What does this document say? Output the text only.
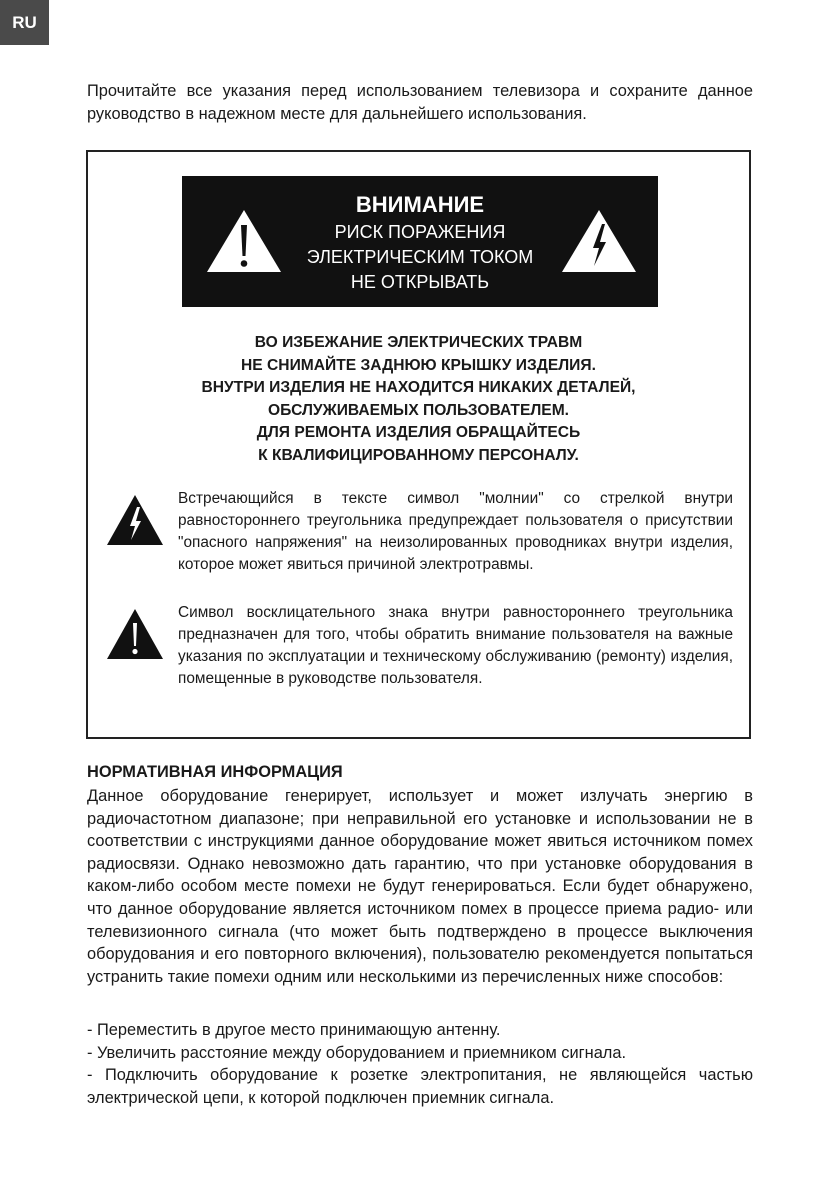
RU

Прочитайте все указания перед использованием телевизора и сохраните данное руководство в надежном месте для дальнейшего использования.

ВНИМАНИЕ
РИСК ПОРАЖЕНИЯ
ЭЛЕКТРИЧЕСКИМ ТОКОМ
НЕ ОТКРЫВАТЬ
ВО ИЗБЕЖАНИЕ ЭЛЕКТРИЧЕСКИХ ТРАВМ
НЕ СНИМАЙТЕ ЗАДНЮЮ КРЫШКУ ИЗДЕЛИЯ.
ВНУТРИ ИЗДЕЛИЯ НЕ НАХОДИТСЯ НИКАКИХ ДЕТАЛЕЙ,
ОБСЛУЖИВАЕМЫХ ПОЛЬЗОВАТЕЛЕМ.
ДЛЯ РЕМОНТА ИЗДЕЛИЯ ОБРАЩАЙТЕСЬ
К КВАЛИФИЦИРОВАННОМУ ПЕРСОНАЛУ.

Встречающийся в тексте символ "молнии" со стрелкой внутри равностороннего треугольника предупреждает пользователя о присутствии "опасного напряжения" на неизолированных проводниках внутри изделия, которое может явиться причиной электротравмы.

Символ восклицательного знака внутри равностороннего треугольника предназначен для того, чтобы обратить внимание пользователя на важные указания по эксплуатации и техническому обслуживанию (ремонту) изделия, помещенные в руководстве пользователя.

НОРМАТИВНАЯ ИНФОРМАЦИЯ

Данное оборудование генерирует, использует и может излучать энергию в радиочастотном диапазоне; при неправильной его установке и использовании не в соответствии с инструкциями данное оборудование может явиться источником помех радиосвязи. Однако невозможно дать гарантию, что при установке оборудования в каком-либо особом месте помехи не будут генерироваться. Если будет обнаружено, что данное оборудование является источником помех в процессе приема радио- или телевизионного сигнала (что может быть подтверждено в процессе выключения оборудования и его повторного включения), пользователю рекомендуется попытаться устранить такие помехи одним или несколькими из перечисленных ниже способов:

- Переместить в другое место принимающую антенну.
- Увеличить расстояние между оборудованием и приемником сигнала.
- Подключить оборудование к розетке электропитания, не являющейся частью электрической цепи, к которой подключен приемник сигнала.
